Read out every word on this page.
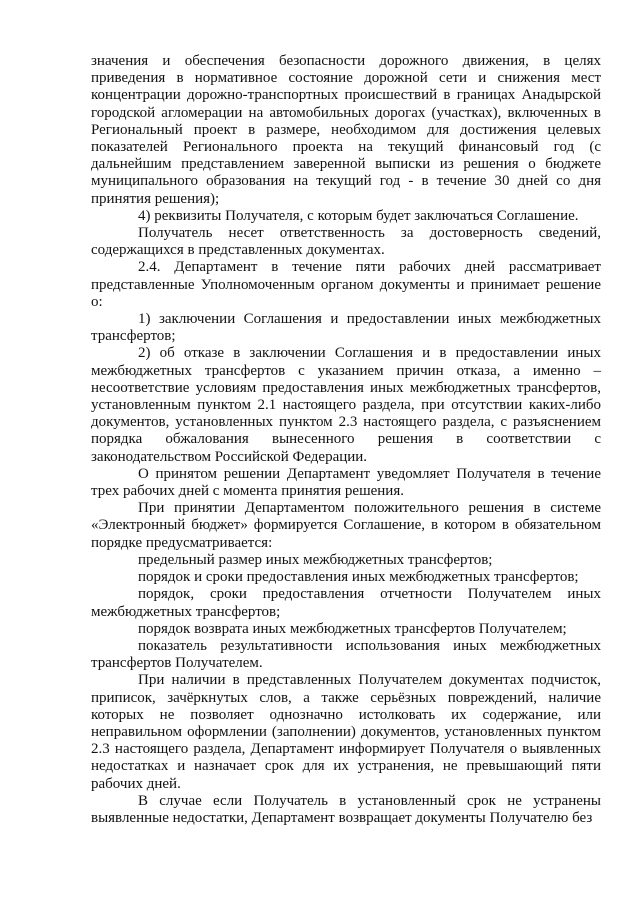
значения и обеспечения безопасности дорожного движения, в целях приведения в нормативное состояние дорожной сети и снижения мест концентрации дорожно-транспортных происшествий в границах Анадырской городской агломерации на автомобильных дорогах (участках), включенных в Региональный проект в размере, необходимом для достижения целевых показателей Регионального проекта на текущий финансовый год (с дальнейшим представлением заверенной выписки из решения о бюджете муниципального образования на текущий год - в течение 30 дней со дня принятия решения);

4) реквизиты Получателя, с которым будет заключаться Соглашение.

Получатель несет ответственность за достоверность сведений, содержащихся в представленных документах.

2.4. Департамент в течение пяти рабочих дней рассматривает представленные Уполномоченным органом документы и принимает решение о:

1) заключении Соглашения и предоставлении иных межбюджетных трансфертов;

2) об отказе в заключении Соглашения и в предоставлении иных межбюджетных трансфертов с указанием причин отказа, а именно – несоответствие условиям предоставления иных межбюджетных трансфертов, установленным пунктом 2.1 настоящего раздела, при отсутствии каких-либо документов, установленных пунктом 2.3 настоящего раздела, с разъяснением порядка обжалования вынесенного решения в соответствии с законодательством Российской Федерации.

О принятом решении Департамент уведомляет Получателя в течение трех рабочих дней с момента принятия решения.

При принятии Департаментом положительного решения в системе «Электронный бюджет» формируется Соглашение, в котором в обязательном порядке предусматривается:

предельный размер иных межбюджетных трансфертов;

порядок и сроки предоставления иных межбюджетных трансфертов;

порядок, сроки предоставления отчетности Получателем иных межбюджетных трансфертов;

порядок возврата иных межбюджетных трансфертов Получателем;

показатель результативности использования иных межбюджетных трансфертов Получателем.

При наличии в представленных Получателем документах подчисток, приписок, зачёркнутых слов, а также серьёзных повреждений, наличие которых не позволяет однозначно истолковать их содержание, или неправильном оформлении (заполнении) документов, установленных пунктом 2.3 настоящего раздела, Департамент информирует Получателя о выявленных недостатках и назначает срок для их устранения, не превышающий пяти рабочих дней.

В случае если Получатель в установленный срок не устранены выявленные недостатки, Департамент возвращает документы Получателю без
